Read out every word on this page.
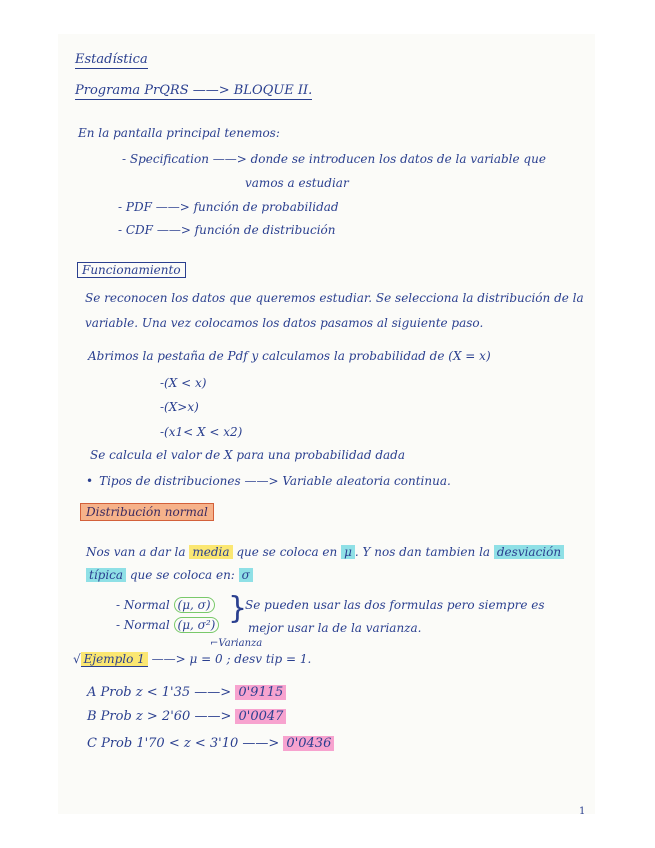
Estadística
Programa PrQRS ——> BLOQUE II.
En la pantalla principal tenemos:
- Specification ——> donde se introducen los datos de la variable que
vamos a estudiar
- PDF ——> función de probabilidad
- CDF ——> función de distribución
Funcionamiento
Se reconocen los datos que queremos estudiar. Se selecciona la distribución de la
variable. Una vez colocamos los datos pasamos al siguiente paso.
Abrimos la pestaña de Pdf y calculamos la probabilidad de (X = x)
-(X < x)
-(X>x)
-(x1< X < x2)
Se calcula el valor de X para una probabilidad dada
• Tipos de distribuciones ——> Variable aleatoria continua.
Distribución normal
Nos van a dar la media que se coloca en μ . Y nos dan tambien la desviación
típica que se coloca en: σ
- Normal (μ, σ)
- Normal (μ, σ²) }
Se pueden usar las dos formulas pero siempre es
mejor usar la de la varianza.
⌐Varianza
√ Ejemplo 1 ——> μ = 0 ; desv tip = 1.
A Prob z < 1'35 ——> 0'9115
B Prob z > 2'60 ——> 0'0047
C Prob 1'70 < z < 3'10 ——> 0'0436
1
